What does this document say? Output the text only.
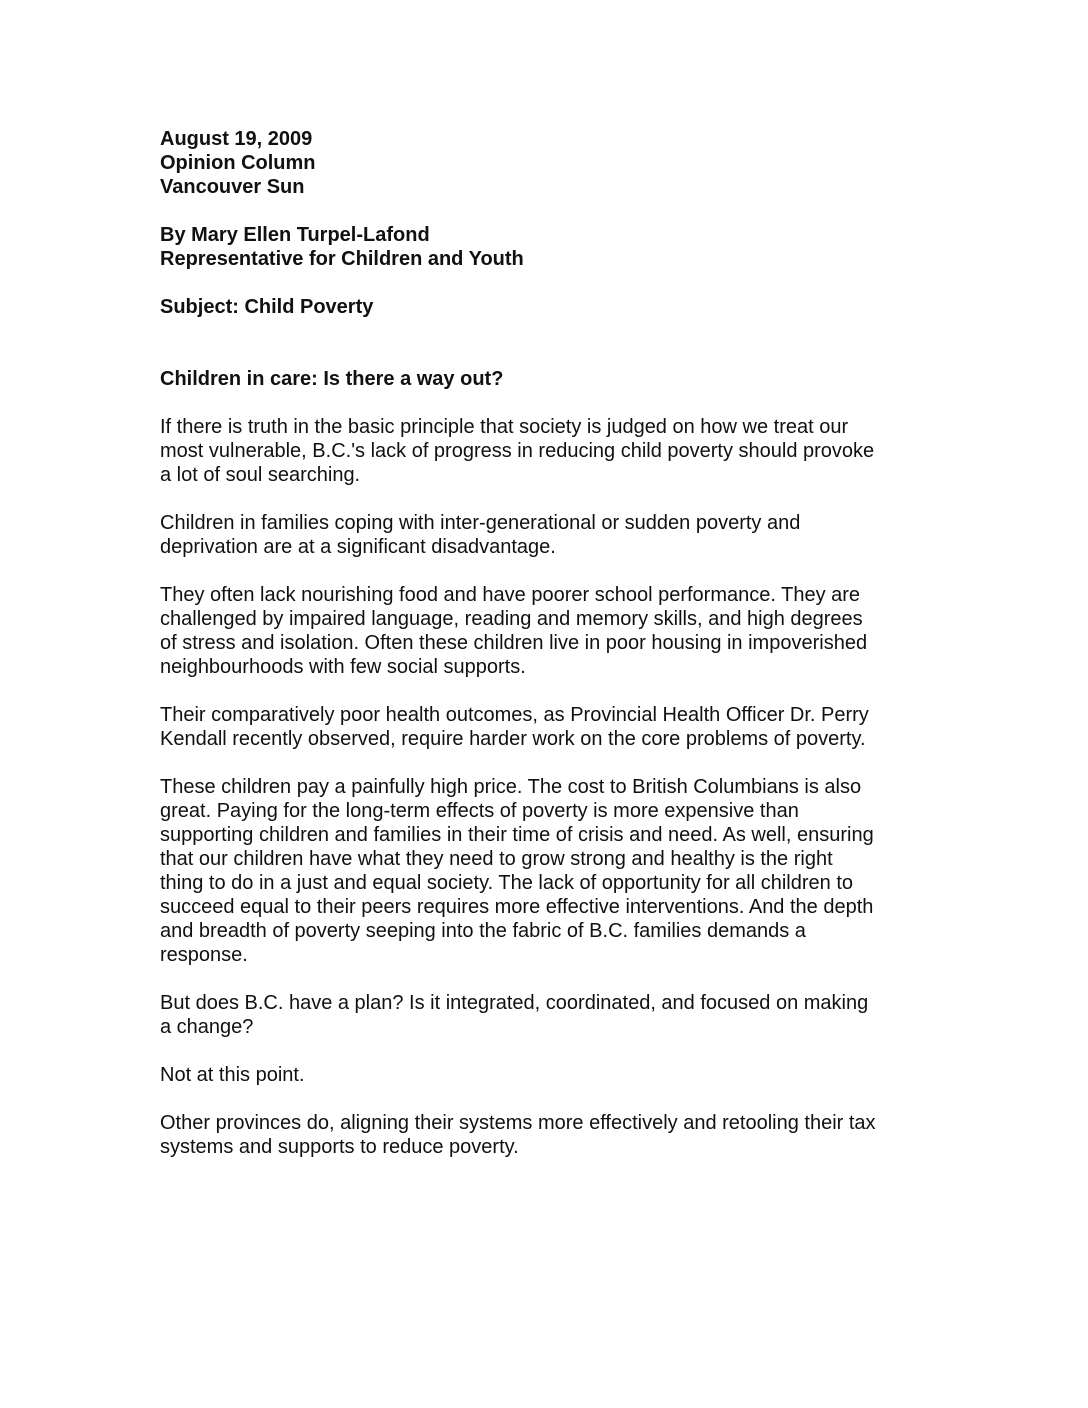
August 19, 2009
Opinion Column
Vancouver Sun
By Mary Ellen Turpel-Lafond
Representative for Children and Youth
Subject: Child Poverty
Children in care: Is there a way out?
If there is truth in the basic principle that society is judged on how we treat our
most vulnerable, B.C.'s lack of progress in reducing child poverty should provoke
a lot of soul searching.
Children in families coping with inter-generational or sudden poverty and
deprivation are at a significant disadvantage.
They often lack nourishing food and have poorer school performance. They are
challenged by impaired language, reading and memory skills, and high degrees
of stress and isolation. Often these children live in poor housing in impoverished
neighbourhoods with few social supports.
Their comparatively poor health outcomes, as Provincial Health Officer Dr. Perry
Kendall recently observed, require harder work on the core problems of poverty.
These children pay a painfully high price. The cost to British Columbians is also
great. Paying for the long-term effects of poverty is more expensive than
supporting children and families in their time of crisis and need. As well, ensuring
that our children have what they need to grow strong and healthy is the right
thing to do in a just and equal society. The lack of opportunity for all children to
succeed equal to their peers requires more effective interventions. And the depth
and breadth of poverty seeping into the fabric of B.C. families demands a
response.
But does B.C. have a plan? Is it integrated, coordinated, and focused on making
a change?
Not at this point.
Other provinces do, aligning their systems more effectively and retooling their tax
systems and supports to reduce poverty.
